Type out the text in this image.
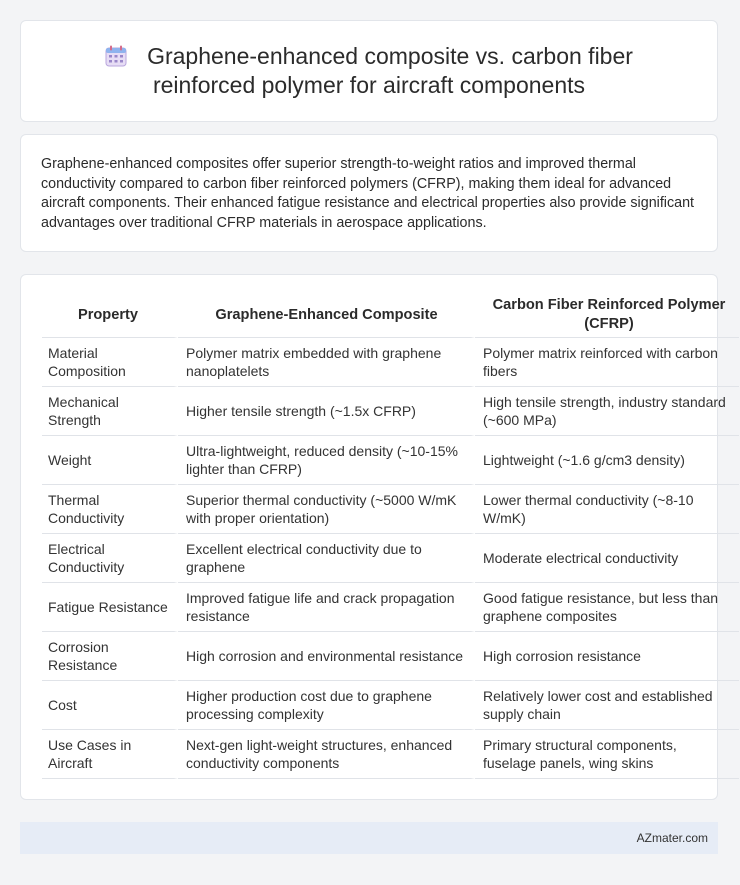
Graphene-enhanced composite vs. carbon fiber reinforced polymer for aircraft components

Graphene-enhanced composites offer superior strength-to-weight ratios and improved thermal conductivity compared to carbon fiber reinforced polymers (CFRP), making them ideal for advanced aircraft components. Their enhanced fatigue resistance and electrical properties also provide significant advantages over traditional CFRP materials in aerospace applications.

Property	Graphene-Enhanced Composite	Carbon Fiber Reinforced Polymer (CFRP)
Material Composition	Polymer matrix embedded with graphene nanoplatelets	Polymer matrix reinforced with carbon fibers
Mechanical Strength	Higher tensile strength (~1.5x CFRP)	High tensile strength, industry standard (~600 MPa)
Weight	Ultra-lightweight, reduced density (~10-15% lighter than CFRP)	Lightweight (~1.6 g/cm3 density)
Thermal Conductivity	Superior thermal conductivity (~5000 W/mK with proper orientation)	Lower thermal conductivity (~8-10 W/mK)
Electrical Conductivity	Excellent electrical conductivity due to graphene	Moderate electrical conductivity
Fatigue Resistance	Improved fatigue life and crack propagation resistance	Good fatigue resistance, but less than graphene composites
Corrosion Resistance	High corrosion and environmental resistance	High corrosion resistance
Cost	Higher production cost due to graphene processing complexity	Relatively lower cost and established supply chain
Use Cases in Aircraft	Next-gen light-weight structures, enhanced conductivity components	Primary structural components, fuselage panels, wing skins
AZmater.com
